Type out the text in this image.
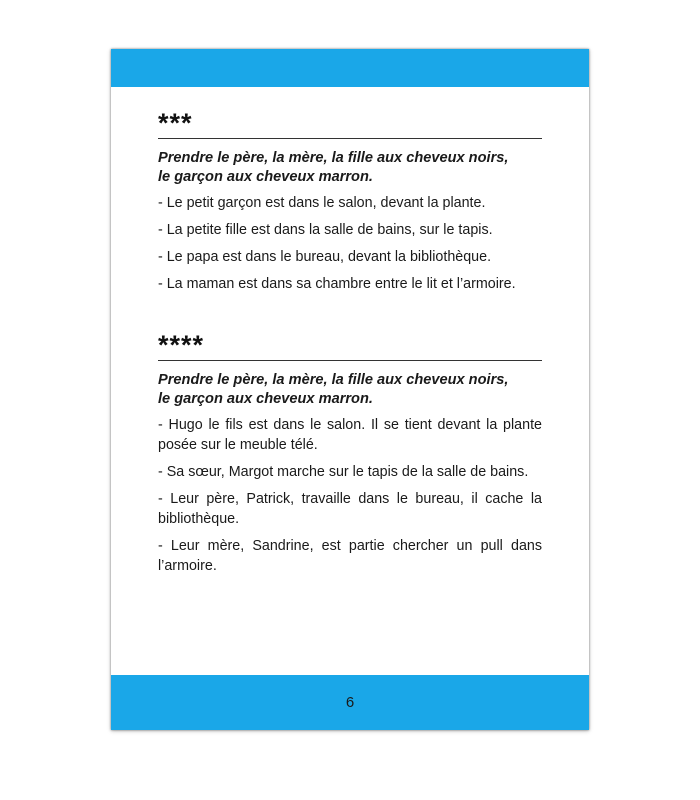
***

Prendre le père, la mère, la fille aux cheveux noirs,
le garçon aux cheveux marron.

- Le petit garçon est dans le salon, devant la plante.

- La petite fille est dans la salle de bains, sur le tapis.

- Le papa est dans le bureau, devant la bibliothèque.

- La maman est dans sa chambre entre le lit et l’armoire.

****

Prendre le père, la mère, la fille aux cheveux noirs,
le garçon aux cheveux marron.

- Hugo le fils est dans le salon. Il se tient devant la plante posée sur le meuble télé.

- Sa sœur, Margot marche sur le tapis de la salle de bains.

- Leur père, Patrick, travaille dans le bureau, il cache la bibliothèque.

- Leur mère, Sandrine, est partie chercher un pull dans l’armoire.

6
